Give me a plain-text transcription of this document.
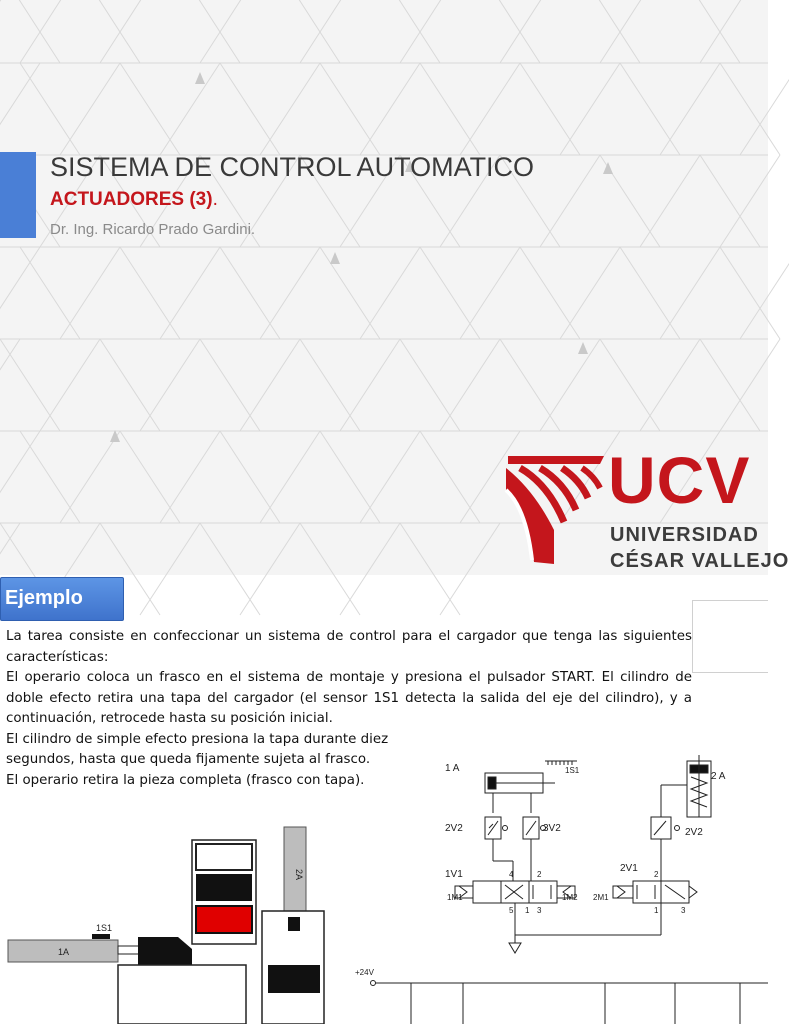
SISTEMA DE CONTROL AUTOMATICO
ACTUADORES (3).
Dr. Ing. Ricardo Prado Gardini.
UCV
UNIVERSIDAD
CÉSAR VALLEJO
Ejemplo

La tarea consiste en confeccionar un sistema de control para el cargador que tenga las siguientes características:

El operario coloca un frasco en el sistema de montaje y presiona el pulsador START. El cilindro de doble efecto retira una tapa del cargador (el sensor 1S1 detecta la salida del eje del cilindro), y a continuación, retrocede hasta su posición inicial.

El cilindro de simple efecto presiona la tapa durante diez segundos, hasta que queda fijamente sujeta al frasco.

El operario retira la pieza completa (frasco con tapa).

2A
1A
1S1
1 A	1S1
2 A
2V2	3V2	2V2
1V1
2V1
1M1	1M2 2M1
4	2
5 1 3
2
1	3
+24V
